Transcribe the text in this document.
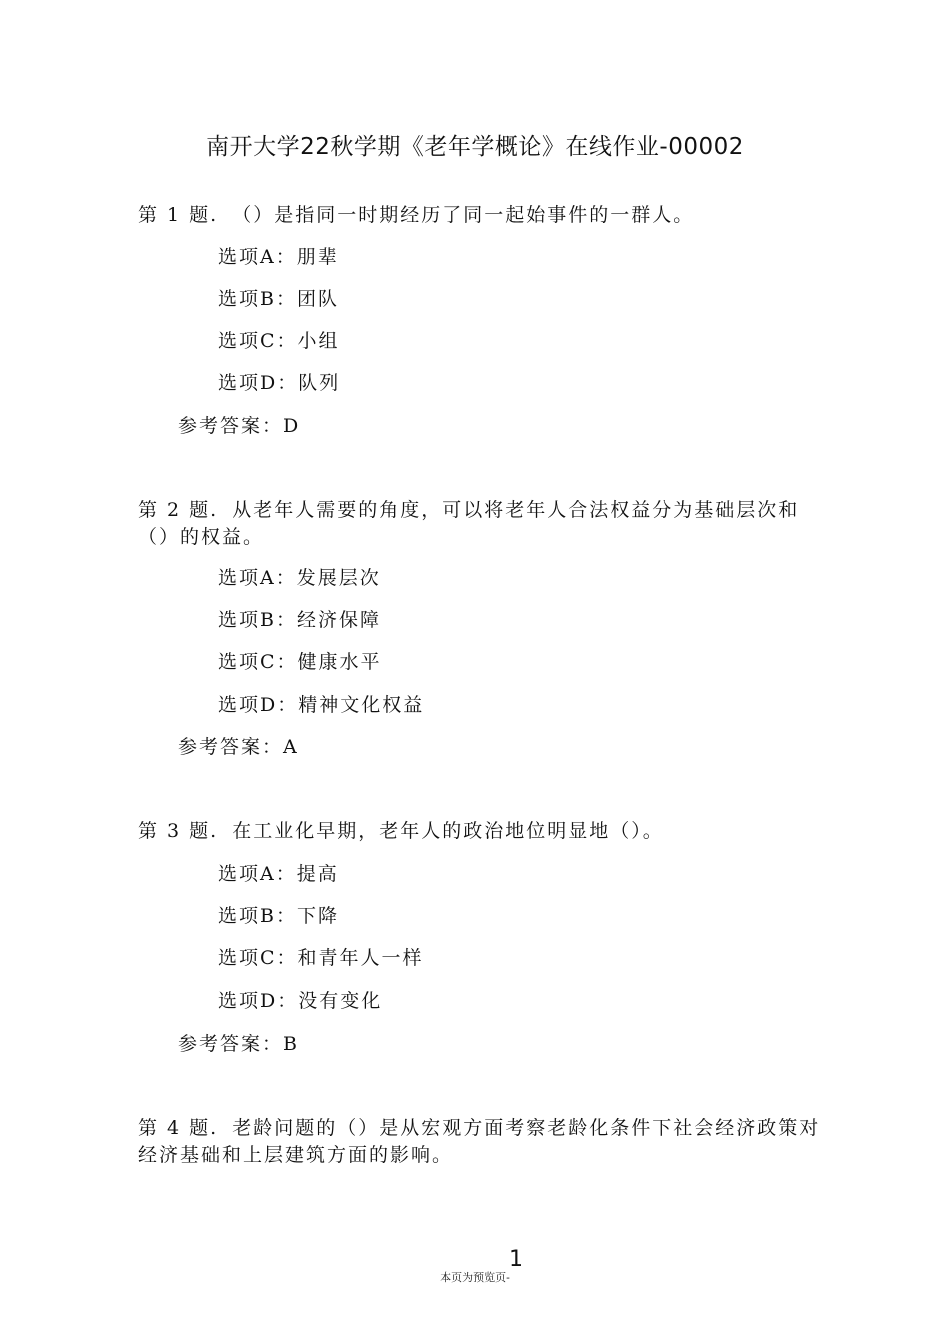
南开大学22秋学期《老年学概论》在线作业-00002
第 1 题. （）是指同一时期经历了同一起始事件的一群人。
选项A：朋辈
选项B：团队
选项C：小组
选项D：队列
参考答案：D
第 2 题. 从老年人需要的角度，可以将老年人合法权益分为基础层次和（）的权益。
选项A：发展层次
选项B：经济保障
选项C：健康水平
选项D：精神文化权益
参考答案：A
第 3 题. 在工业化早期，老年人的政治地位明显地（）。
选项A：提高
选项B：下降
选项C：和青年人一样
选项D：没有变化
参考答案：B
第 4 题. 老龄问题的（）是从宏观方面考察老龄化条件下社会经济政策对经济基础和上层建筑方面的影响。
1
本页为预览页-
